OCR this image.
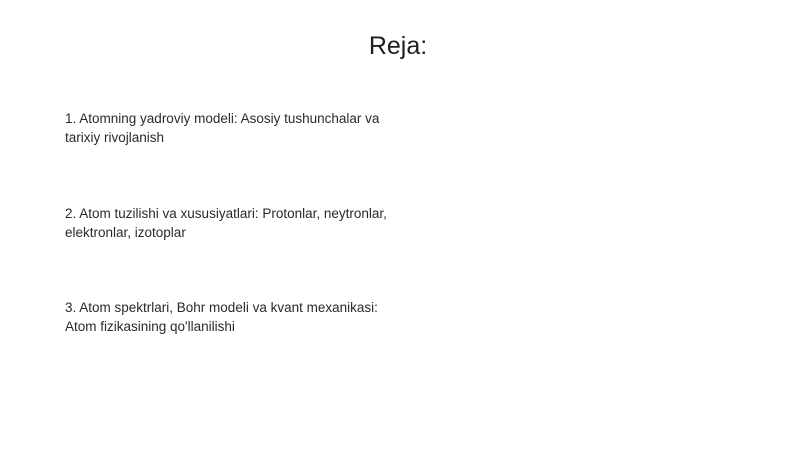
Reja:
1. Atomning yadroviy modeli: Asosiy tushunchalar va tarixiy rivojlanish
2. Atom tuzilishi va xususiyatlari: Protonlar, neytronlar, elektronlar, izotoplar
3. Atom spektrlari, Bohr modeli va kvant mexanikasi: Atom fizikasining qo'llanilishi
